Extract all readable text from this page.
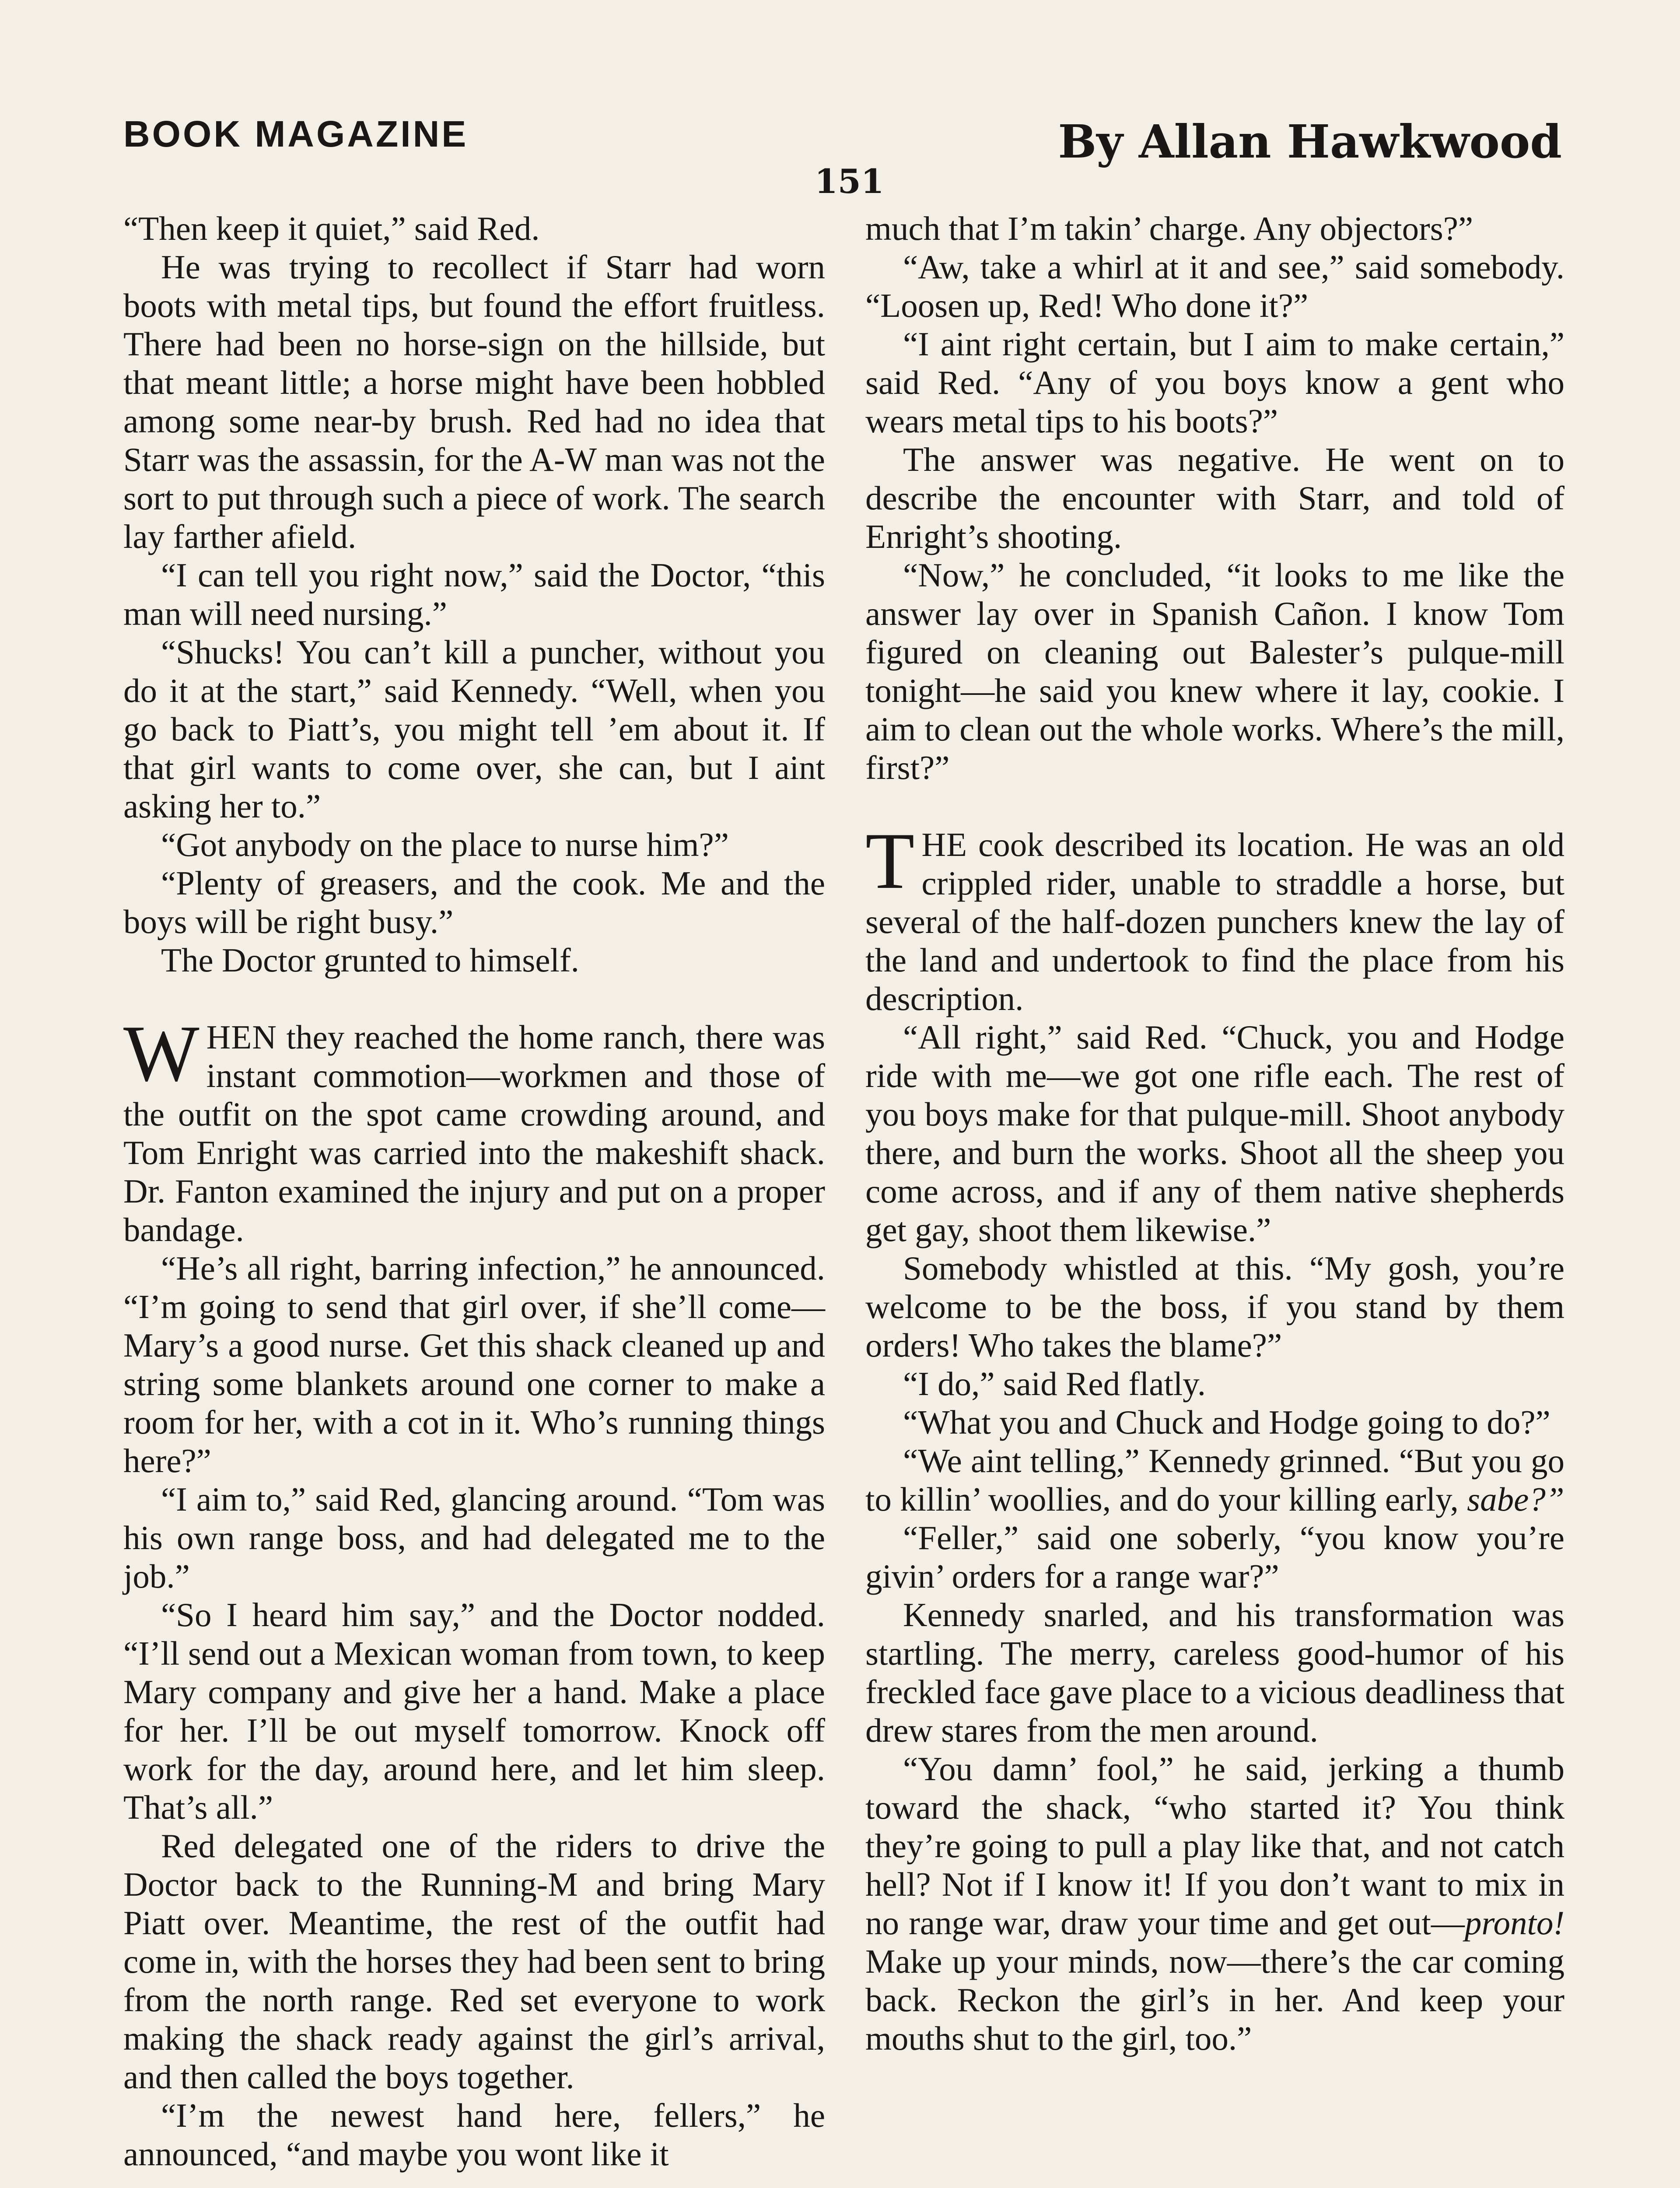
BOOK MAGAZINE	By Allan Hawkwood
151

“Then keep it quiet,” said Red.

He was trying to recollect if Starr had worn boots with metal tips, but found the effort fruitless. There had been no horse-sign on the hillside, but that meant little; a horse might have been hobbled among some near-by brush. Red had no idea that Starr was the assassin, for the A-W man was not the sort to put through such a piece of work. The search lay farther afield.

“I can tell you right now,” said the Doctor, “this man will need nursing.”

“Shucks! You can’t kill a puncher, without you do it at the start,” said Kennedy. “Well, when you go back to Piatt’s, you might tell ’em about it. If that girl wants to come over, she can, but I aint asking her to.”

“Got anybody on the place to nurse him?”

“Plenty of greasers, and the cook. Me and the boys will be right busy.”

The Doctor grunted to himself.

WHEN they reached the home ranch, there was instant commotion—workmen and those of the outfit on the spot came crowding around, and Tom Enright was carried into the makeshift shack. Dr. Fanton examined the injury and put on a proper bandage.

“He’s all right, barring infection,” he announced. “I’m going to send that girl over, if she’ll come—Mary’s a good nurse. Get this shack cleaned up and string some blankets around one corner to make a room for her, with a cot in it. Who’s running things here?”

“I aim to,” said Red, glancing around. “Tom was his own range boss, and had delegated me to the job.”

“So I heard him say,” and the Doctor nodded. “I’ll send out a Mexican woman from town, to keep Mary company and give her a hand. Make a place for her. I’ll be out myself tomorrow. Knock off work for the day, around here, and let him sleep. That’s all.”

Red delegated one of the riders to drive the Doctor back to the Running-M and bring Mary Piatt over. Meantime, the rest of the outfit had come in, with the horses they had been sent to bring from the north range. Red set everyone to work making the shack ready against the girl’s arrival, and then called the boys together.

“I’m the newest hand here, fellers,” he announced, “and maybe you wont like it

much that I’m takin’ charge. Any objectors?”

“Aw, take a whirl at it and see,” said somebody. “Loosen up, Red! Who done it?”

“I aint right certain, but I aim to make certain,” said Red. “Any of you boys know a gent who wears metal tips to his boots?”

The answer was negative. He went on to describe the encounter with Starr, and told of Enright’s shooting.

“Now,” he concluded, “it looks to me like the answer lay over in Spanish Cañon. I know Tom figured on cleaning out Balester’s pulque-mill tonight—he said you knew where it lay, cookie. I aim to clean out the whole works. Where’s the mill, first?”

THE cook described its location. He was an old crippled rider, unable to straddle a horse, but several of the half-dozen punchers knew the lay of the land and undertook to find the place from his description.

“All right,” said Red. “Chuck, you and Hodge ride with me—we got one rifle each. The rest of you boys make for that pulque-mill. Shoot anybody there, and burn the works. Shoot all the sheep you come across, and if any of them native shepherds get gay, shoot them likewise.”

Somebody whistled at this. “My gosh, you’re welcome to be the boss, if you stand by them orders! Who takes the blame?”

“I do,” said Red flatly.

“What you and Chuck and Hodge going to do?”

“We aint telling,” Kennedy grinned. “But you go to killin’ woollies, and do your killing early, sabe?”

“Feller,” said one soberly, “you know you’re givin’ orders for a range war?”

Kennedy snarled, and his transformation was startling. The merry, careless good-humor of his freckled face gave place to a vicious deadliness that drew stares from the men around.

“You damn’ fool,” he said, jerking a thumb toward the shack, “who started it? You think they’re going to pull a play like that, and not catch hell? Not if I know it! If you don’t want to mix in no range war, draw your time and get out—pronto! Make up your minds, now—there’s the car coming back. Reckon the girl’s in her. And keep your mouths shut to the girl, too.”
